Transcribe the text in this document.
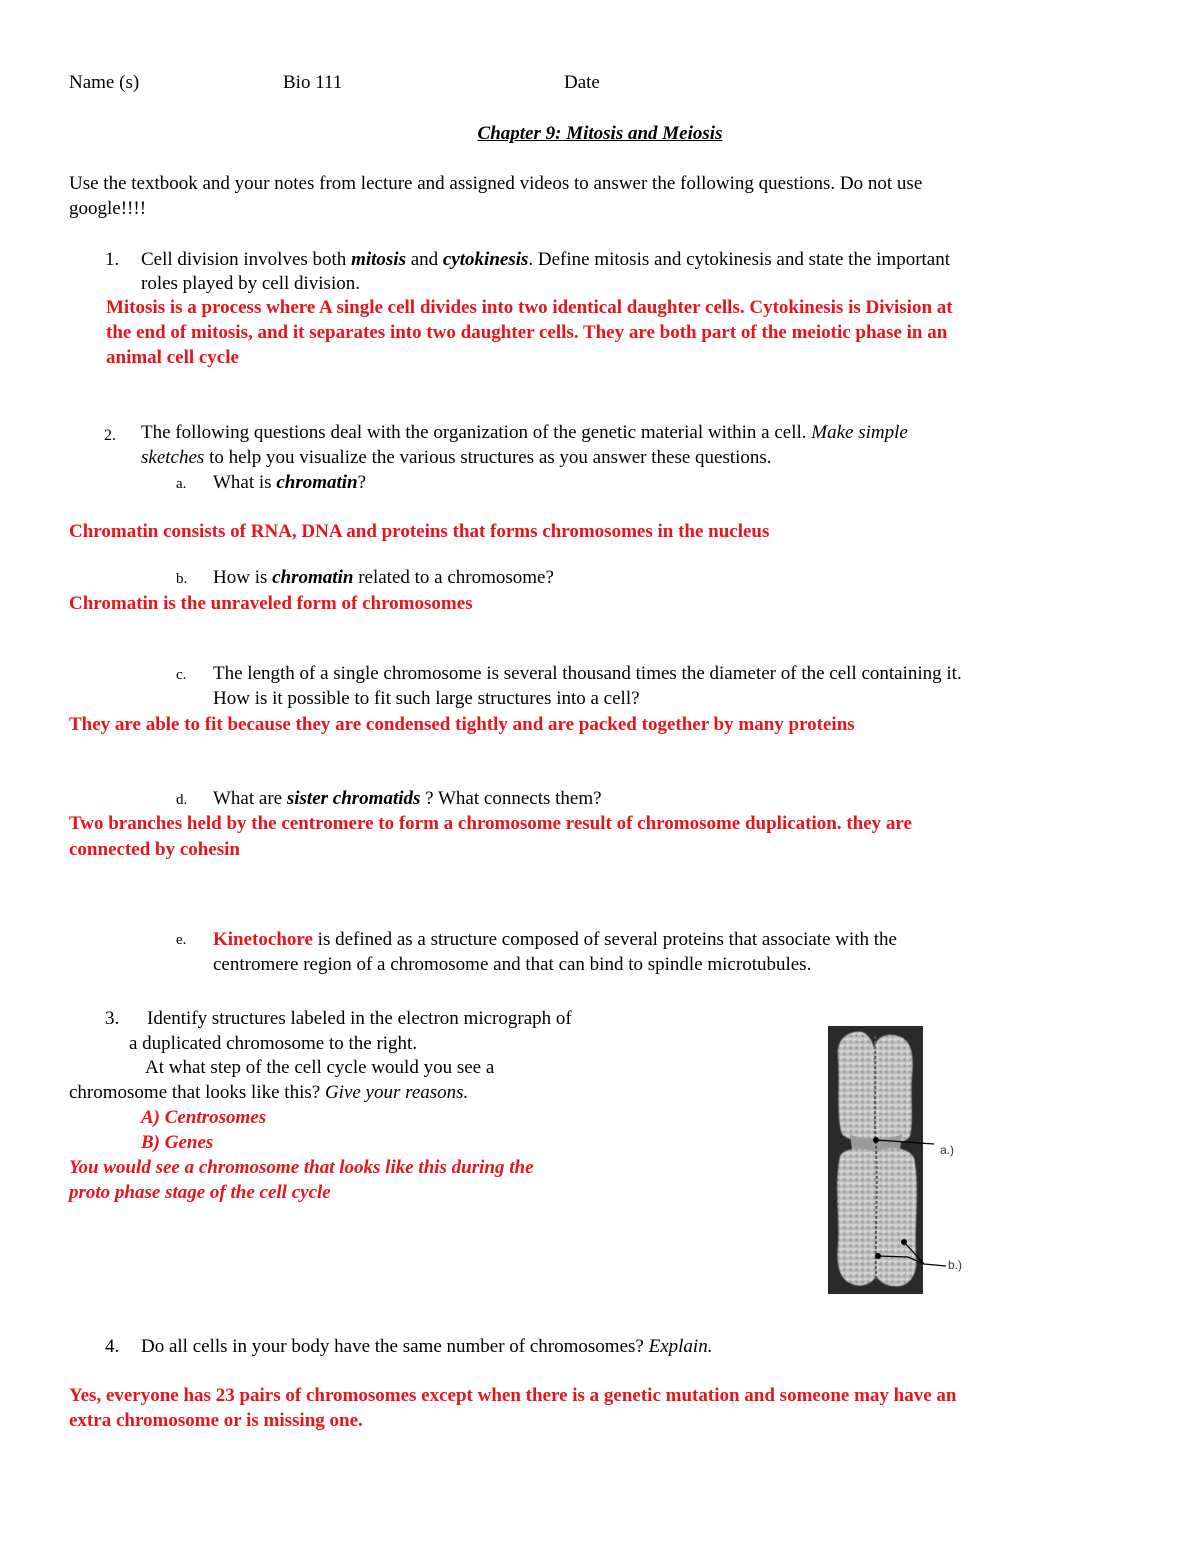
Name (s)	Bio 111	Date
Chapter 9: Mitosis and Meiosis
Use the textbook and your notes from lecture and assigned videos to answer the following questions. Do not use
google!!!!
1. Cell division involves both mitosis and cytokinesis. Define mitosis and cytokinesis and state the important
roles played by cell division.
Mitosis is a process where A single cell divides into two identical daughter cells. Cytokinesis is Division at
the end of mitosis, and it separates into two daughter cells. They are both part of the meiotic phase in an
animal cell cycle
2. The following questions deal with the organization of the genetic material within a cell. Make simple
sketches to help you visualize the various structures as you answer these questions.
a. What is chromatin?
Chromatin consists of RNA, DNA and proteins that forms chromosomes in the nucleus
b. How is chromatin related to a chromosome?
Chromatin is the unraveled form of chromosomes
c. The length of a single chromosome is several thousand times the diameter of the cell containing it.
How is it possible to fit such large structures into a cell?
They are able to fit because they are condensed tightly and are packed together by many proteins
d. What are sister chromatids ? What connects them?
Two branches held by the centromere to form a chromosome result of chromosome duplication. they are
connected by cohesin
e. Kinetochore is defined as a structure composed of several proteins that associate with the
centromere region of a chromosome and that can bind to spindle microtubules.
3. Identify structures labeled in the electron micrograph of
a duplicated chromosome to the right.
At what step of the cell cycle would you see a
chromosome that looks like this? Give your reasons.
A) Centrosomes
B) Genes
You would see a chromosome that looks like this during the
proto phase stage of the cell cycle
a.)
b.)
4. Do all cells in your body have the same number of chromosomes? Explain.
Yes, everyone has 23 pairs of chromosomes except when there is a genetic mutation and someone may have an
extra chromosome or is missing one.
